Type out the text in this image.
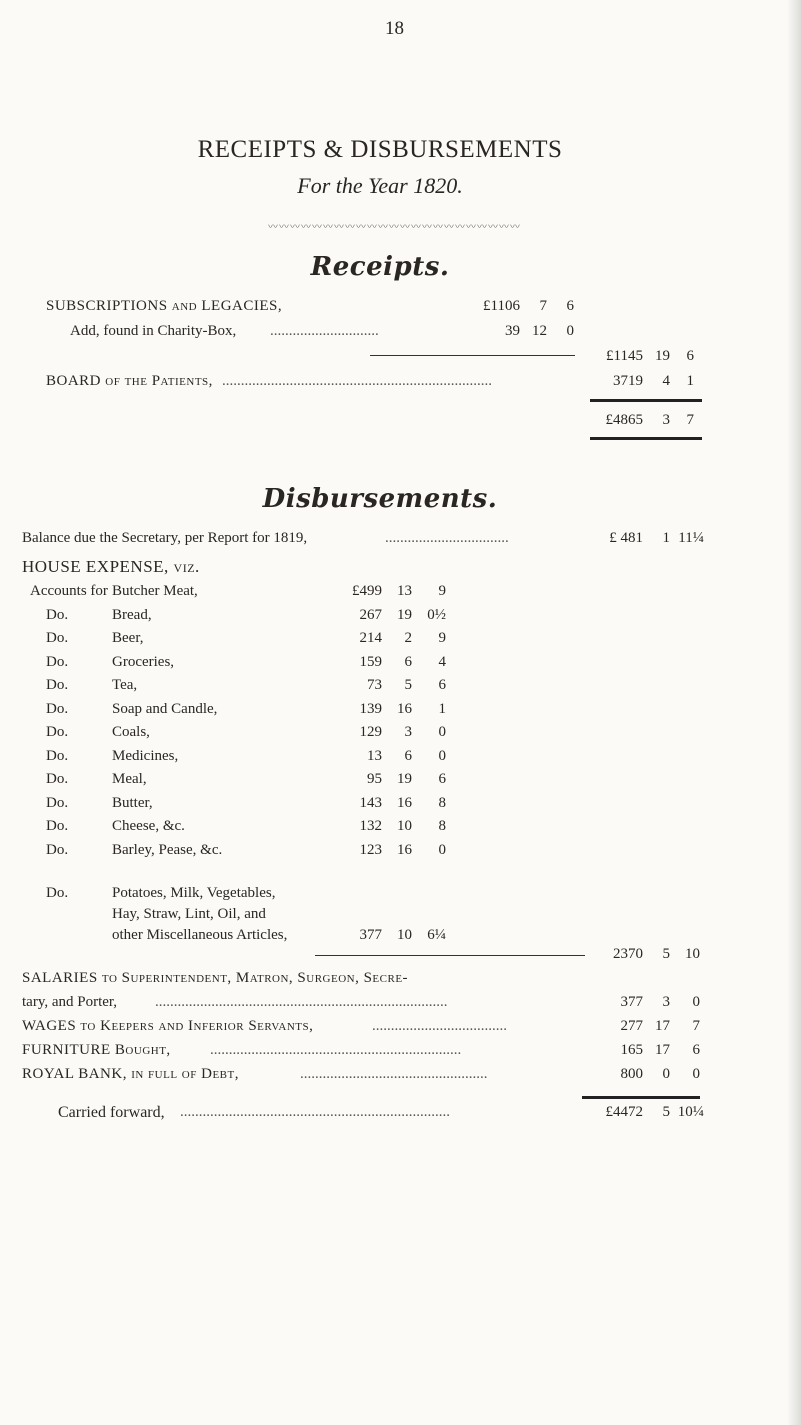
18
RECEIPTS & DISBURSEMENTS
For the Year 1820.
〰〰〰〰〰〰〰〰〰〰〰〰〰〰〰〰〰〰〰〰〰〰〰
Receipts.
SUBSCRIPTIONS and LEGACIES,	£1106	7	6
Add, found in Charity-Box, .............................	39 12	0
£1145 19	6
BOARD of the Patients, ........................................................................	3719	4	1
£4865	3	7
Disbursements.
Balance due the Secretary, per Report for 1819,	.................................	£ 481	1 11¼
HOUSE EXPENSE, viz.
Accounts for Butcher Meat,	£499	13	9
Do.	Bread,	267	19	0½
Do.	Beer,	214	2	9
Do.	Groceries,	159	6	4
Do.	Tea,	73	5	6
Do.	Soap and Candle,	139	16	1
Do.	Coals,	129	3	0
Do.	Medicines,	13	6	0
Do.	Meal,	95	19	6
Do.	Butter,	143	16	8
Do.	Cheese, &c.	132	10	8
Do.	Barley, Pease, &c.	123	16	0
Do.	Potatoes, Milk, Vegetables,
Hay, Straw, Lint, Oil, and
other Miscellaneous Articles,	377	10	6¼
2370	5	10
SALARIES to Superintendent, Matron, Surgeon, Secre-
tary, and Porter,	..............................................................................	377	3	0
WAGES to Keepers and Inferior Servants,	....................................	277 17	7
FURNITURE Bought,	...................................................................	165 17	6
ROYAL BANK, in full of Debt,	..................................................	800	0	0
Carried forward, ........................................................................	£4472	5 10¼
